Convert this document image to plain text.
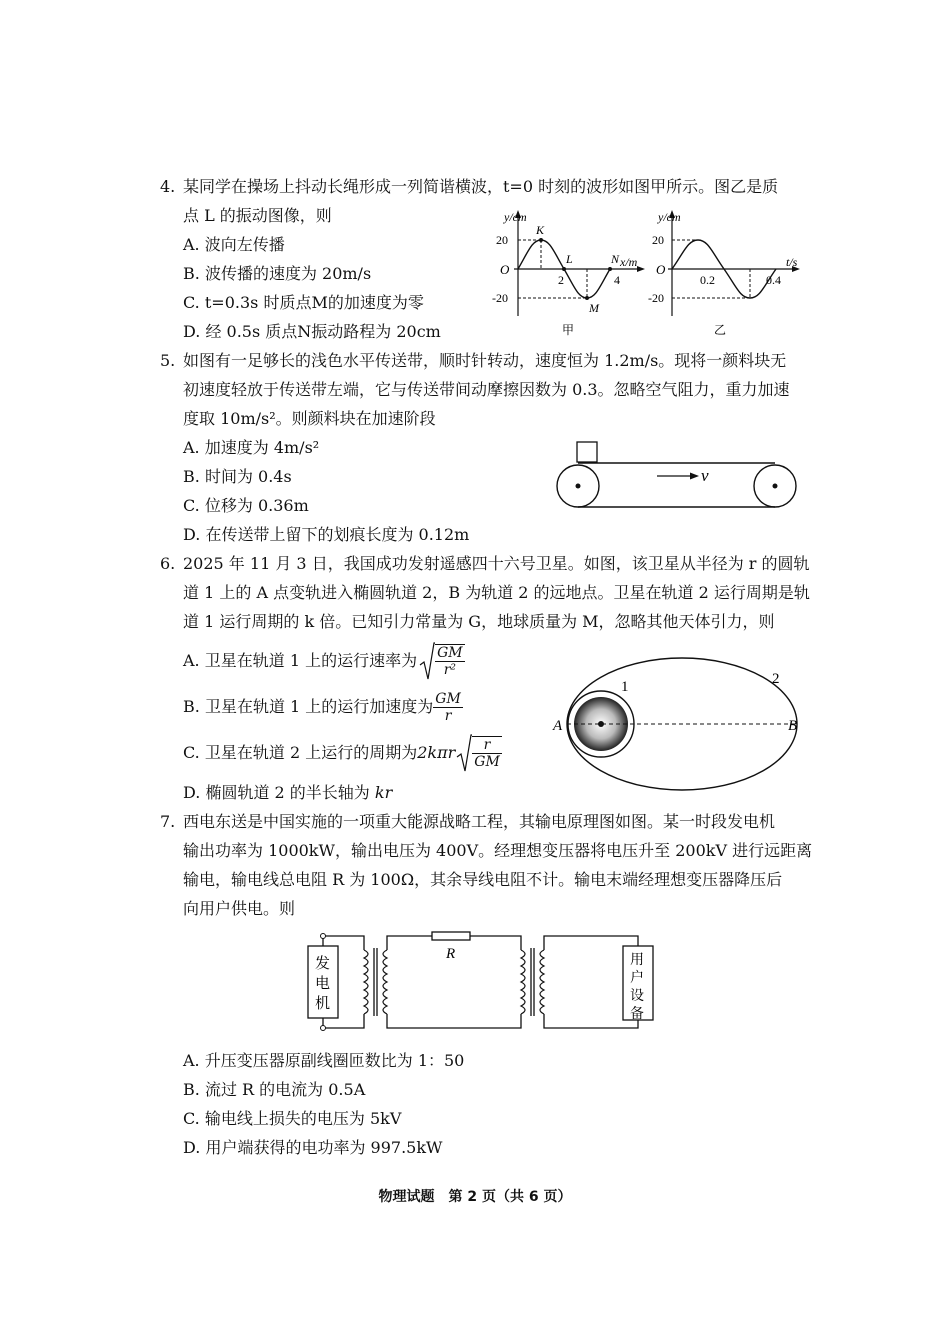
4. 某同学在操场上抖动长绳形成一列简谐横波，t=0 时刻的波形如图甲所示。图乙是质
点 L 的振动图像，则
A. 波向左传播
B. 波传播的速度为 20m/s
C. t=0.3s 时质点M的加速度为零
D. 经 0.5s 质点N振动路程为 20cm
y/cm
x/m
O
20
-20
2	4
K
L
M
N
甲
y/cm
t/s
O
20
-20
0.2	0.4
乙
5. 如图有一足够长的浅色水平传送带，顺时针转动，速度恒为 1.2m/s。现将一颜料块无
初速度轻放于传送带左端，它与传送带间动摩擦因数为 0.3。忽略空气阻力，重力加速
度取 10m/s²。则颜料块在加速阶段
A. 加速度为 4m/s²
B. 时间为 0.4s
C. 位移为 0.36m
D. 在传送带上留下的划痕长度为 0.12m
v
6. 2025 年 11 月 3 日，我国成功发射遥感四十六号卫星。如图，该卫星从半径为 r 的圆轨
道 1 上的 A 点变轨进入椭圆轨道 2，B 为轨道 2 的远地点。卫星在轨道 2 运行周期是轨
道 1 运行周期的 k 倍。已知引力常量为 G，地球质量为 M，忽略其他天体引力，则
A.
卫星在轨道 1 上的运行速率为 $\frac{GM}{\text{r²}}$
B.
卫星在轨道 1 上的运行加速度为 $\frac{GM}{r}$
C.
卫星在轨道 2 上运行的周期为 $2k\pi r \frac{r}{GM}$
D. 椭圆轨道 2 的半长轴为 kr
1	2
A	B
7. 西电东送是中国实施的一项重大能源战略工程，其输电原理图如图。某一时段发电机
输出功率为 1000kW，输出电压为 400V。经理想变压器将电压升至 200kV 进行远距离
输电，输电线总电阻 R 为 100Ω，其余导线电阻不计。输电末端经理想变压器降压后
向用户供电。则
发
电
机
R	用
户
设
备
A. 升压变压器原副线圈匝数比为 1：50
B. 流过 R 的电流为 0.5A
C. 输电线上损失的电压为 5kV
D. 用户端获得的电功率为 997.5kW
物理试题　第 2 页（共 6 页）
